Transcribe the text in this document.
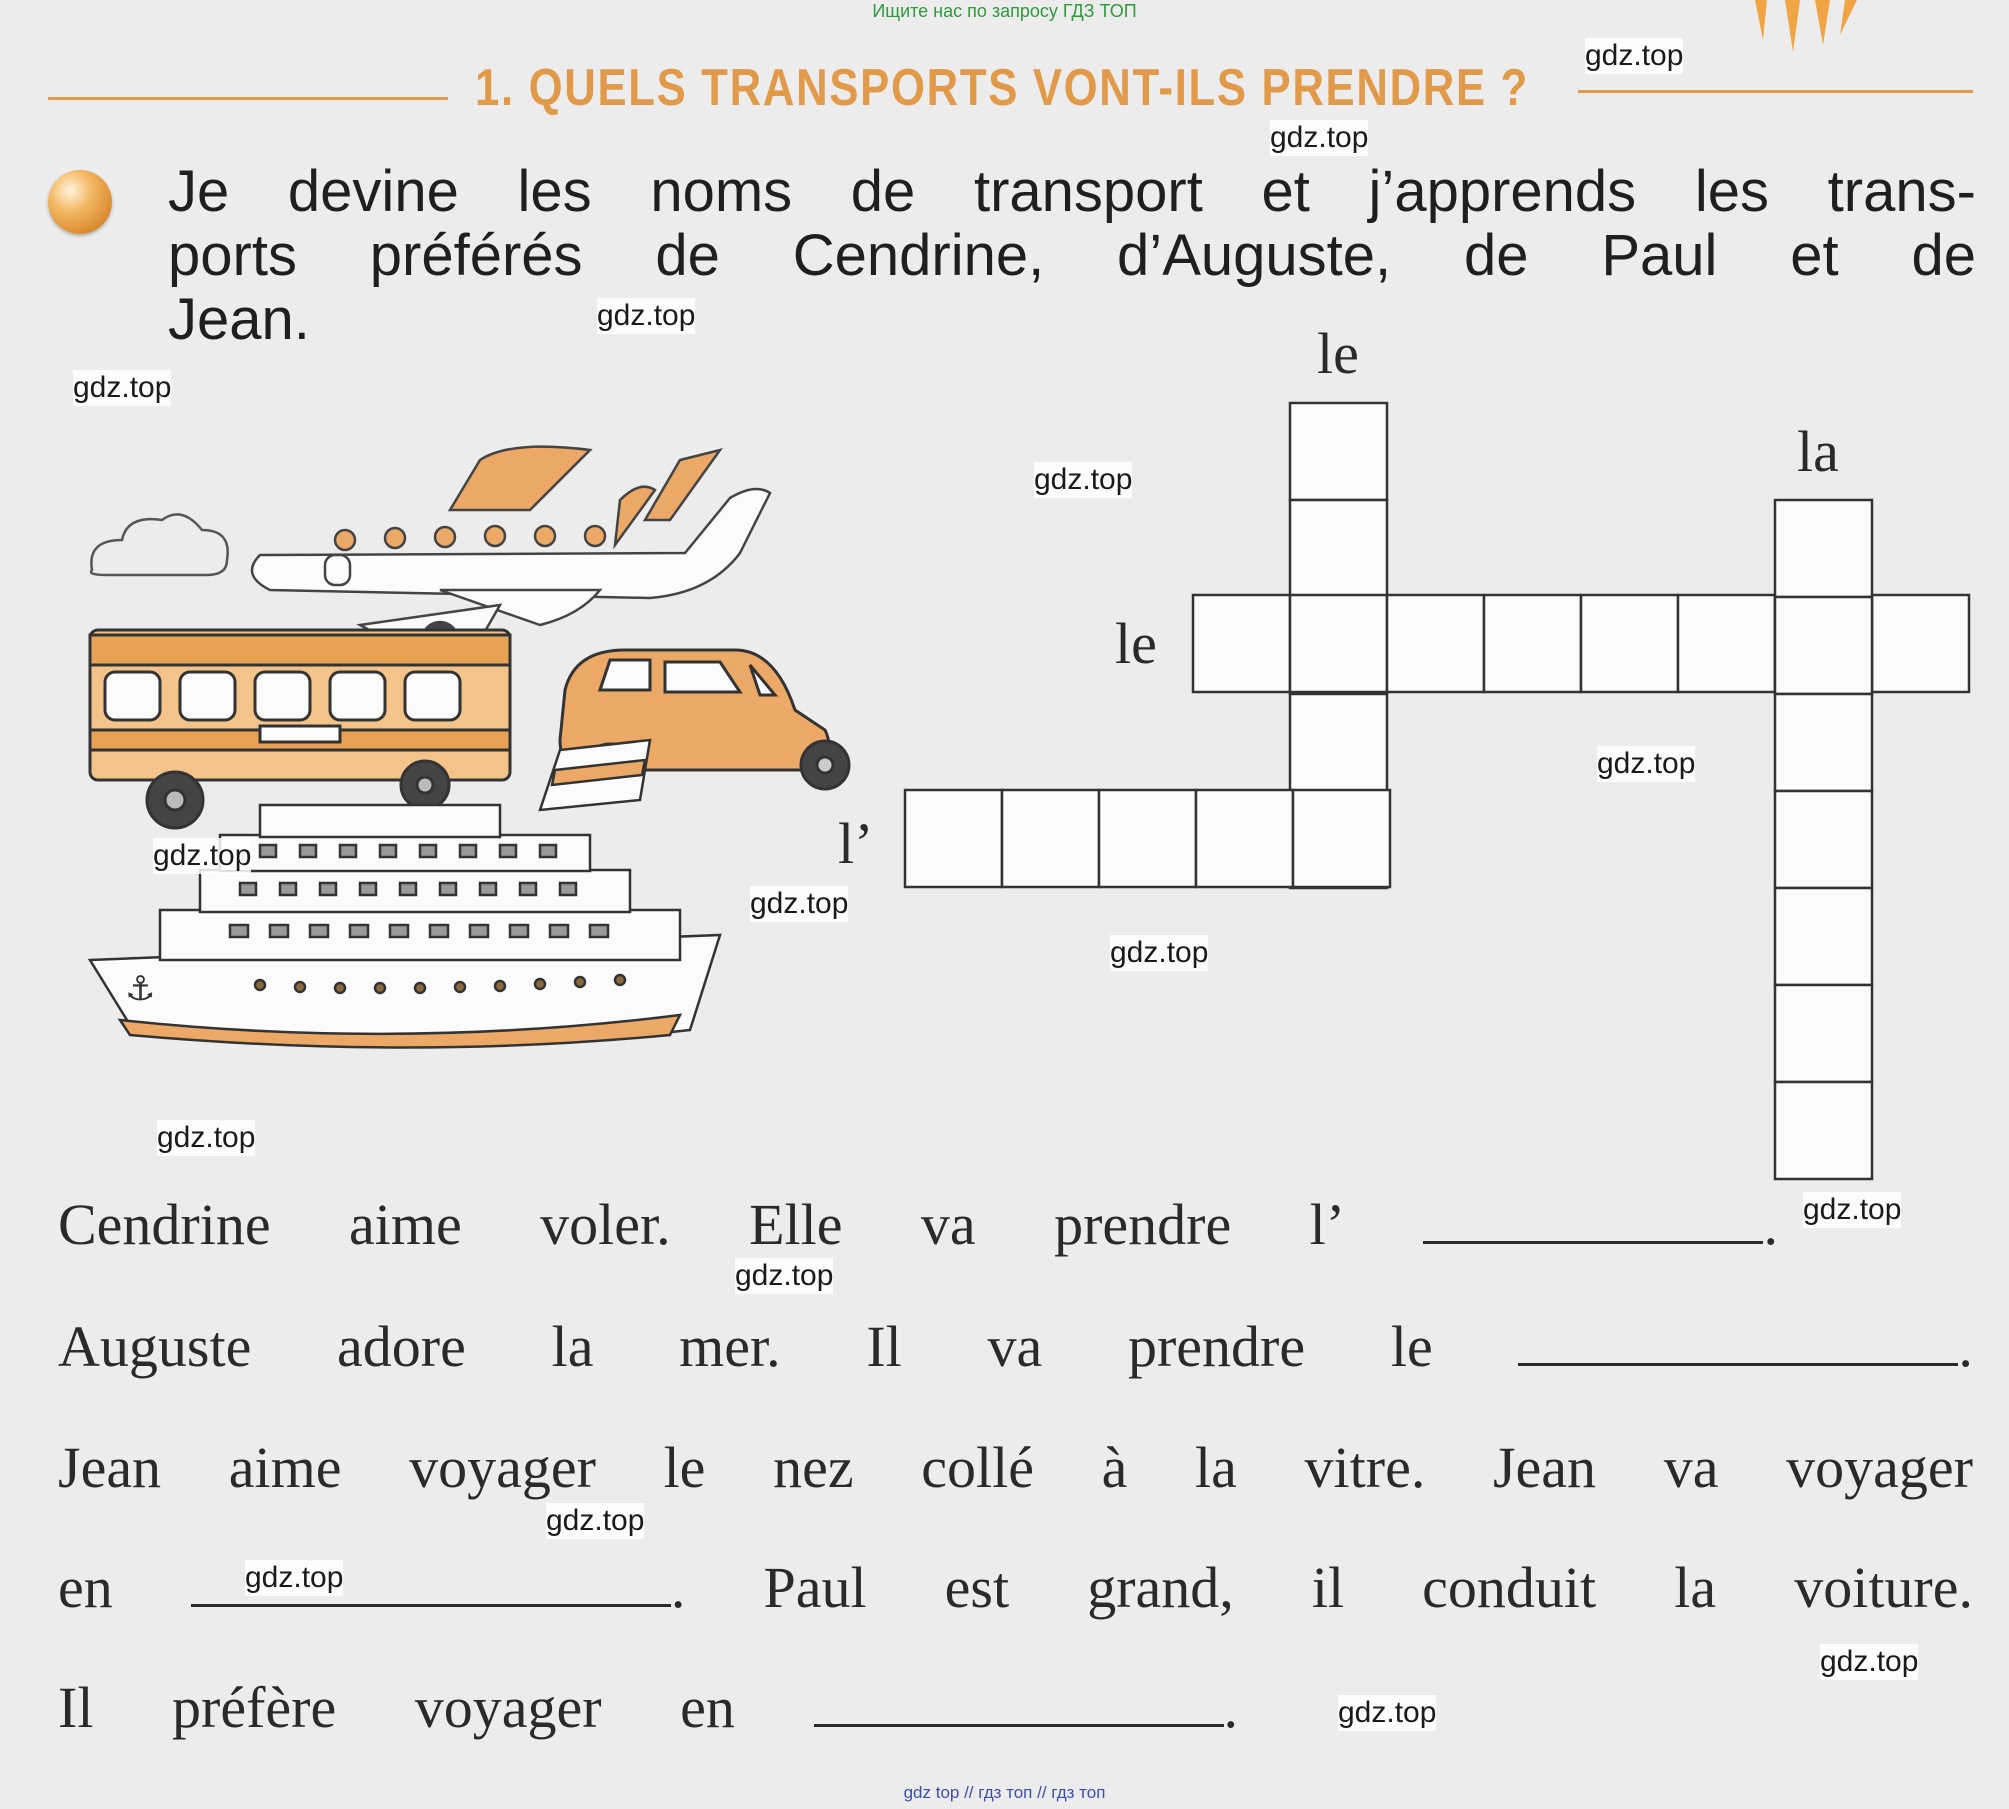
Ищите нас по запросу ГДЗ ТОП
1. QUELS TRANSPORTS VONT-ILS PRENDRE ?
Je devine les noms de transport et j’apprends les trans-
ports préférés de Cendrine, d’Auguste, de Paul et de
Jean.
⚓
le
la
le
l’
Cendrine aime voler. Elle va prendre l’	.
Auguste adore la mer. Il va prendre le	.
Jean aime voyager le nez collé à la vitre. Jean va voyager
en	. Paul est grand, il conduit la voiture.
Il préfère voyager en	.
gdz.top
gdz.top
gdz.top
gdz.top
gdz.top
gdz.top
gdz.top
gdz.top
gdz.top
gdz.top
gdz.top
gdz.top
gdz.top
gdz.top
gdz.top
gdz.top
gdz top // гдз топ // гдз топ
